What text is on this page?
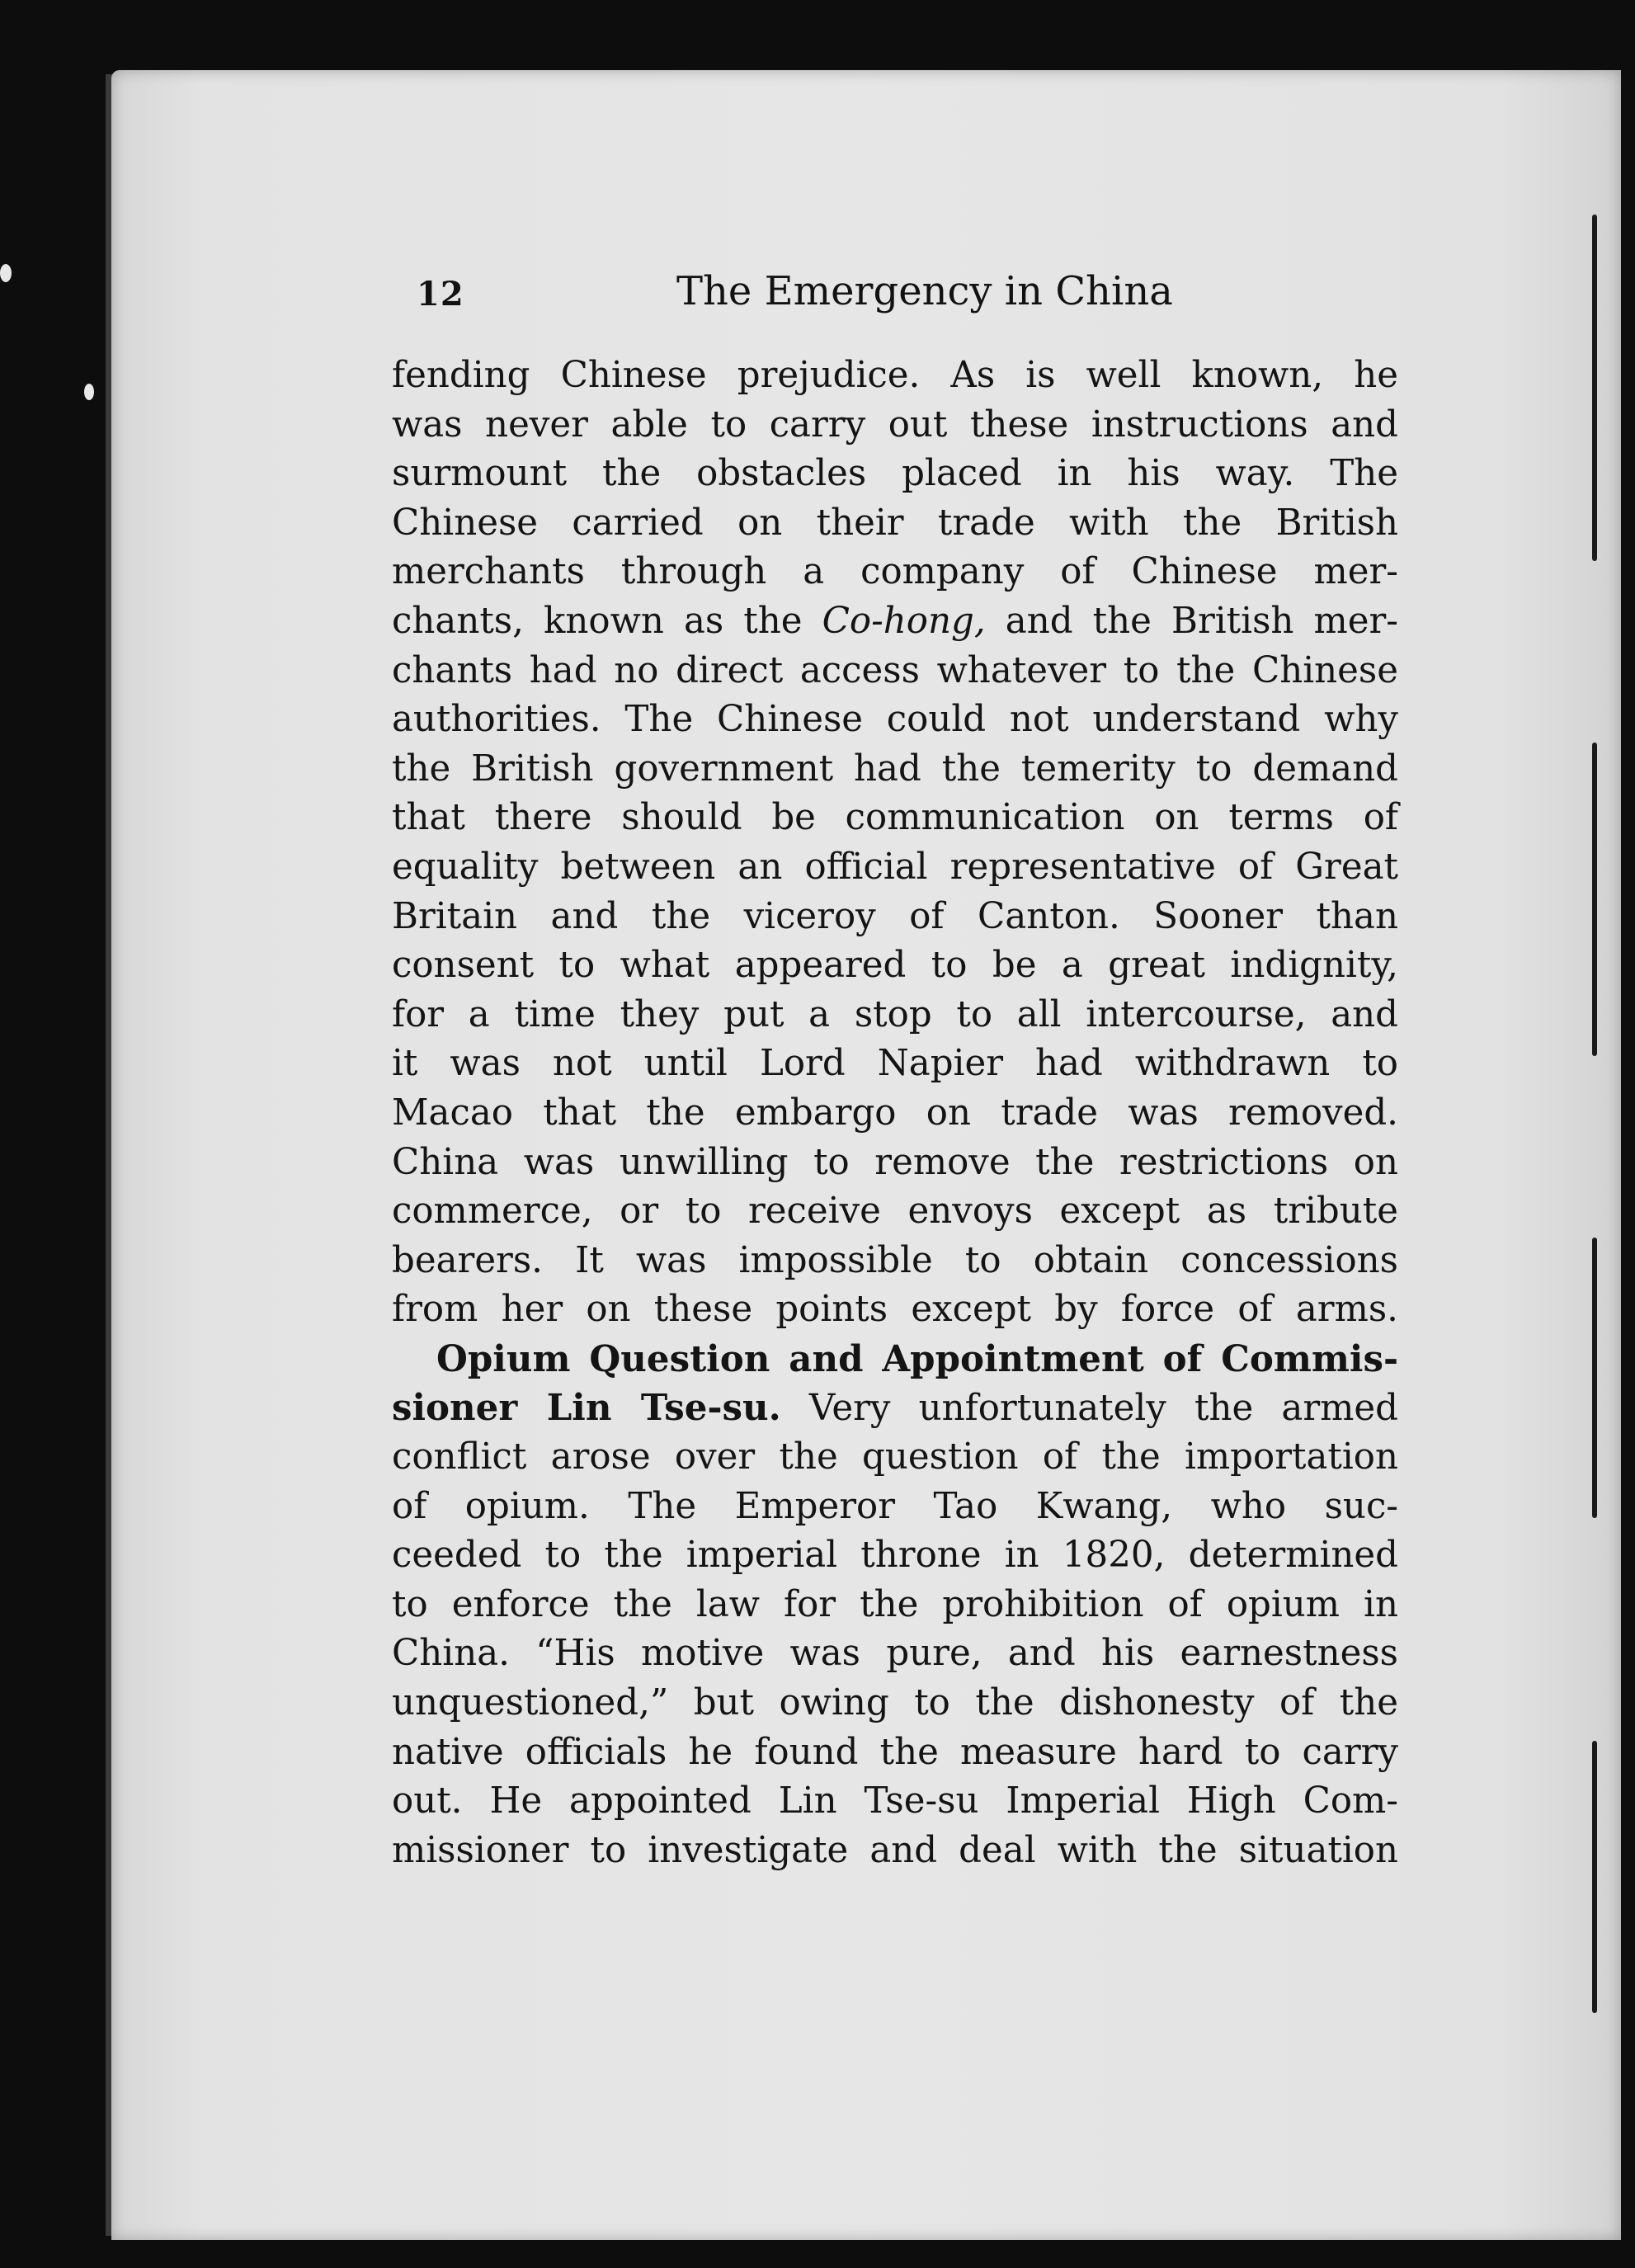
12	The Emergency in China
fending Chinese prejudice. As is well known, he
was never able to carry out these instructions and
surmount the obstacles placed in his way. The
Chinese carried on their trade with the British
merchants through a company of Chinese mer-
chants, known as the Co-hong, and the British mer-
chants had no direct access whatever to the Chinese
authorities. The Chinese could not understand why
the British government had the temerity to demand
that there should be communication on terms of
equality between an official representative of Great
Britain and the viceroy of Canton. Sooner than
consent to what appeared to be a great indignity,
for a time they put a stop to all intercourse, and
it was not until Lord Napier had withdrawn to
Macao that the embargo on trade was removed.
China was unwilling to remove the restrictions on
commerce, or to receive envoys except as tribute
bearers. It was impossible to obtain concessions
from her on these points except by force of arms.
Opium Question and Appointment of Commis-
sioner Lin Tse-su. Very unfortunately the armed
conflict arose over the question of the importation
of opium. The Emperor Tao Kwang, who suc-
ceeded to the imperial throne in 1820, determined
to enforce the law for the prohibition of opium in
China. “His motive was pure, and his earnestness
unquestioned,” but owing to the dishonesty of the
native officials he found the measure hard to carry
out. He appointed Lin Tse-su Imperial High Com-
missioner to investigate and deal with the situation
